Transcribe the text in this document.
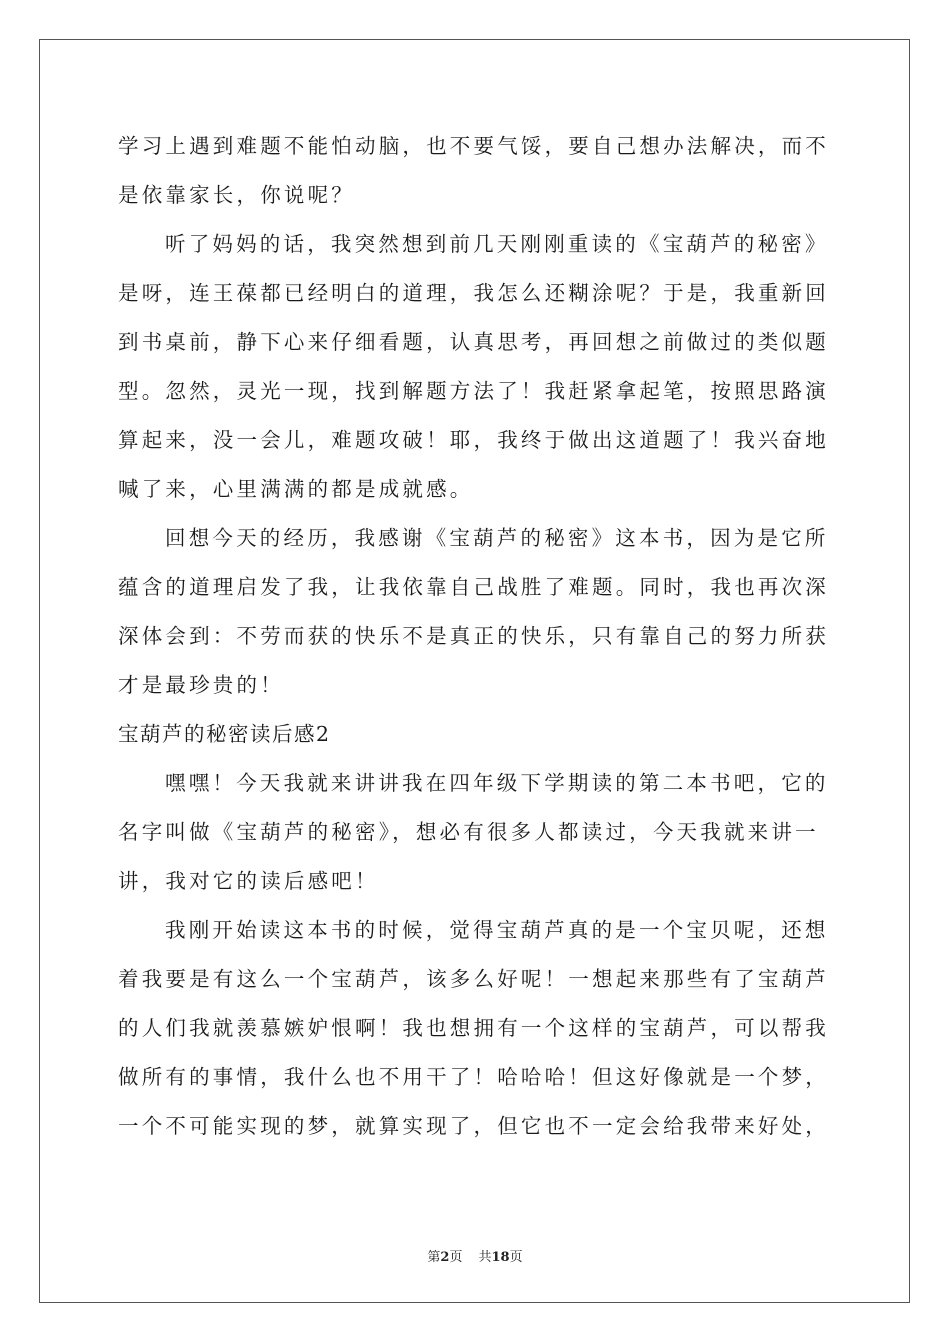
学习上遇到难题不能怕动脑，也不要气馁，要自己想办法解决，而不
是依靠家长，你说呢？
听了妈妈的话，我突然想到前几天刚刚重读的《宝葫芦的秘密》
是呀，连王葆都已经明白的道理，我怎么还糊涂呢？于是，我重新回
到书桌前，静下心来仔细看题，认真思考，再回想之前做过的类似题
型。忽然，灵光一现，找到解题方法了！我赶紧拿起笔，按照思路演
算起来，没一会儿，难题攻破！耶，我终于做出这道题了！我兴奋地
喊了来，心里满满的都是成就感。
回想今天的经历，我感谢《宝葫芦的秘密》这本书，因为是它所
蕴含的道理启发了我，让我依靠自己战胜了难题。同时，我也再次深
深体会到：不劳而获的快乐不是真正的快乐，只有靠自己的努力所获
才是最珍贵的！
宝葫芦的秘密读后感2
嘿嘿！今天我就来讲讲我在四年级下学期读的第二本书吧，它的
名字叫做《宝葫芦的秘密》，想必有很多人都读过，今天我就来讲一
讲，我对它的读后感吧！
我刚开始读这本书的时候，觉得宝葫芦真的是一个宝贝呢，还想
着我要是有这么一个宝葫芦，该多么好呢！一想起来那些有了宝葫芦
的人们我就羡慕嫉妒恨啊！我也想拥有一个这样的宝葫芦，可以帮我
做所有的事情，我什么也不用干了！哈哈哈！但这好像就是一个梦，
一个不可能实现的梦，就算实现了，但它也不一定会给我带来好处，
第2页 共18页
